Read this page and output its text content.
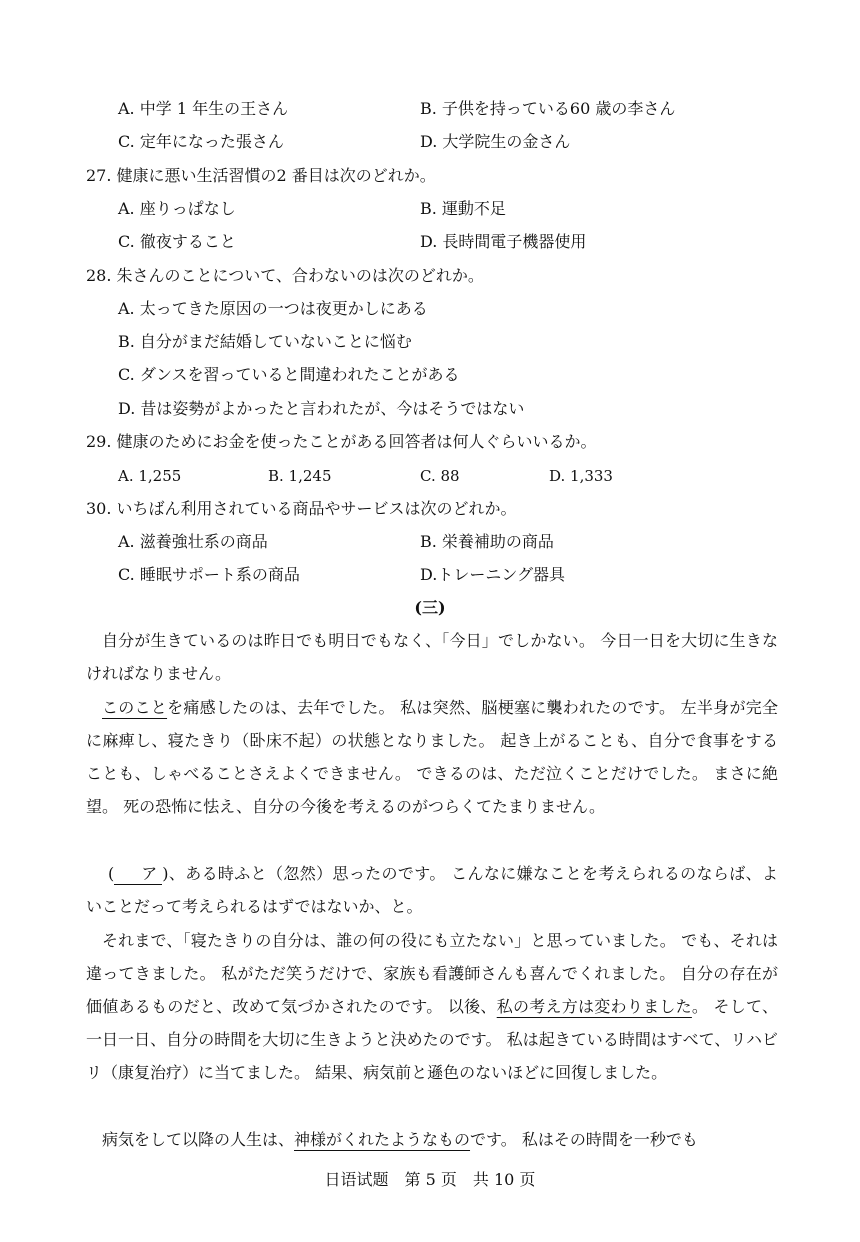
A. 中学 1 年生の王さん	B. 子供を持っている60 歳の李さん
C. 定年になった張さん	D. 大学院生の金さん
27. 健康に悪い生活習慣の2 番目は次のどれか。
A. 座りっぱなし	B. 運動不足
C. 徹夜すること	D. 長時間電子機器使用
28. 朱さんのことについて、合わないのは次のどれか。
A. 太ってきた原因の一つは夜更かしにある
B. 自分がまだ結婚していないことに悩む
C. ダンスを習っていると間違われたことがある
D. 昔は姿勢がよかったと言われたが、今はそうではない
29. 健康のためにお金を使ったことがある回答者は何人ぐらいいるか。
A. 1,255	B. 1,245	C. 88	D. 1,333
30. いちばん利用されている商品やサービスは次のどれか。
A. 滋養強壮系の商品	B. 栄養補助の商品
C. 睡眠サポート系の商品	D.トレーニング器具
(三)
自分が生きているのは昨日でも明日でもなく、「今日」でしかない。 今日一日を大切に生きなければなりません。
このことを痛感したのは、去年でした。 私は突然、脳梗塞に襲われたのです。 左半身が完全に麻痺し、寝たきり（卧床不起）の状態となりました。 起き上がることも、自分で食事をすることも、しゃべることさえよくできません。 できるのは、ただ泣くことだけでした。 まさに絶望。 死の恐怖に怯え、自分の今後を考えるのがつらくてたまりません。
( ア )、ある時ふと（忽然）思ったのです。 こんなに嫌なことを考えられるのならば、よいことだって考えられるはずではないか、と。
それまで、「寝たきりの自分は、誰の何の役にも立たない」と思っていました。 でも、それは違ってきました。 私がただ笑うだけで、家族も看護師さんも喜んでくれました。 自分の存在が価値あるものだと、改めて気づかされたのです。 以後、私の考え方は変わりました。 そして、一日一日、自分の時間を大切に生きようと決めたのです。 私は起きている時間はすべて、リハビリ（康复治疗）に当てました。 結果、病気前と遜色のないほどに回復しました。
病気をして以降の人生は、神様がくれたようなものです。 私はその時間を一秒でも
日语试题　第 5 页　共 10 页
